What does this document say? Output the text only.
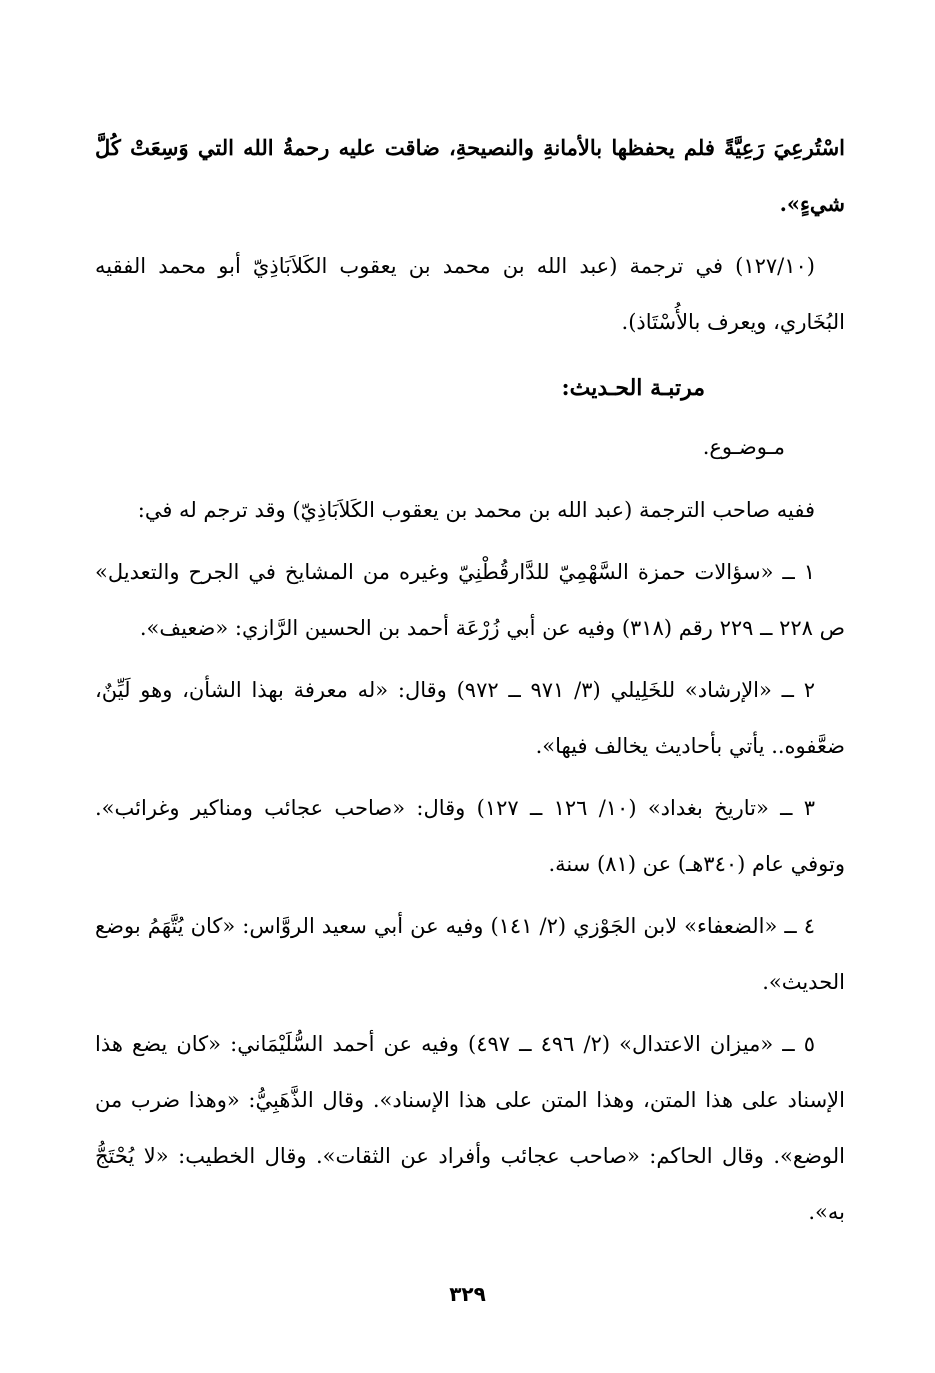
اسْتُرعِيَ رَعِيَّةً فلم يحفظها بالأمانةِ والنصيحةِ، ضاقت عليه رحمةُ الله التي وَسِعَتْ كُلَّ شيءٍ».

(١٢٧/١٠) في ترجمة (عبد الله بن محمد بن يعقوب الكَلاَبَاذِيّ أبو محمد الفقيه البُخَاري، ويعرف بالأُسْتَاذ).

مرتبـة الحـديث:

مـوضـوع.

ففيه صاحب الترجمة (عبد الله بن محمد بن يعقوب الكَلاَبَاذِيّ) وقد ترجم له في:

١ ــ «سؤالات حمزة السَّهْمِيّ للدَّارقُطْنِيّ وغيره من المشايخ في الجرح والتعديل» ص ٢٢٨ ــ ٢٢٩ رقم (٣١٨) وفيه عن أبي زُرْعَة أحمد بن الحسين الرَّازي: «ضعيف».

٢ ــ «الإرشاد» للخَلِيلي (٣/ ٩٧١ ــ ٩٧٢) وقال: «له معرفة بهذا الشأن، وهو لَيِّنٌ، ضعَّفوه.. يأتي بأحاديث يخالف فيها».

٣ ــ «تاريخ بغداد» (١٠/ ١٢٦ ــ ١٢٧) وقال: «صاحب عجائب ومناكير وغرائب». وتوفي عام (٣٤٠هـ) عن (٨١) سنة.

٤ ــ «الضعفاء» لابن الجَوْزي (٢/ ١٤١) وفيه عن أبي سعيد الروَّاس: «كان يُتَّهَمُ بوضع الحديث».

٥ ــ «ميزان الاعتدال» (٢/ ٤٩٦ ــ ٤٩٧) وفيه عن أحمد السُّلَيْمَاني: «كان يضع هذا الإسناد على هذا المتن، وهذا المتن على هذا الإسناد». وقال الذَّهَبِيُّ: «وهذا ضرب من الوضع». وقال الحاكم: «صاحب عجائب وأفراد عن الثقات». وقال الخطيب: «لا يُحْتَجُّ به».

٣٢٩
